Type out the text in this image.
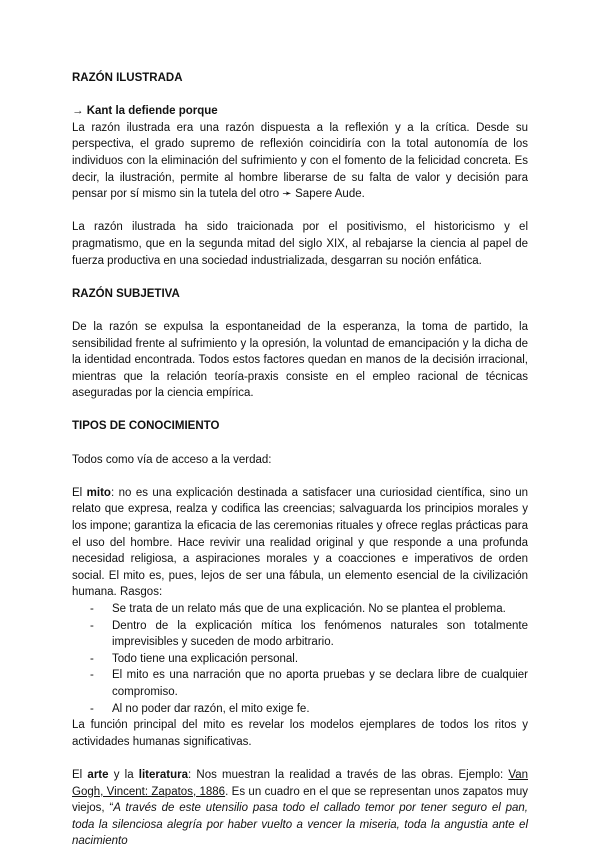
RAZÓN ILUSTRADA
→ Kant la defiende porque

La razón ilustrada era una razón dispuesta a la reflexión y a la crítica. Desde su perspectiva, el grado supremo de reflexión coincidiría con la total autonomía de los individuos con la eliminación del sufrimiento y con el fomento de la felicidad concreta. Es decir, la ilustración, permite al hombre liberarse de su falta de valor y decisión para pensar por sí mismo sin la tutela del otro ➛ Sapere Aude.

La razón ilustrada ha sido traicionada por el positivismo, el historicismo y el pragmatismo, que en la segunda mitad del siglo XIX, al rebajarse la ciencia al papel de fuerza productiva en una sociedad industrializada, desgarran su noción enfática.

RAZÓN SUBJETIVA

De la razón se expulsa la espontaneidad de la esperanza, la toma de partido, la sensibilidad frente al sufrimiento y la opresión, la voluntad de emancipación y la dicha de la identidad encontrada. Todos estos factores quedan en manos de la decisión irracional, mientras que la relación teoría-praxis consiste en el empleo racional de técnicas aseguradas por la ciencia empírica.

TIPOS DE CONOCIMIENTO

Todos como vía de acceso a la verdad:

El mito: no es una explicación destinada a satisfacer una curiosidad científica, sino un relato que expresa, realza y codifica las creencias; salvaguarda los principios morales y los impone; garantiza la eficacia de las ceremonias rituales y ofrece reglas prácticas para el uso del hombre. Hace revivir una realidad original y que responde a una profunda necesidad religiosa, a aspiraciones morales y a coacciones e imperativos de orden social. El mito es, pues, lejos de ser una fábula, un elemento esencial de la civilización humana. Rasgos:

- Se trata de un relato más que de una explicación. No se plantea el problema.
- Dentro de la explicación mítica los fenómenos naturales son totalmente imprevisibles y suceden de modo arbitrario.
- Todo tiene una explicación personal.
- El mito es una narración que no aporta pruebas y se declara libre de cualquier compromiso.
- Al no poder dar razón, el mito exige fe.

La función principal del mito es revelar los modelos ejemplares de todos los ritos y actividades humanas significativas.

El arte y la literatura: Nos muestran la realidad a través de las obras. Ejemplo: Van Gogh, Vincent: Zapatos, 1886. Es un cuadro en el que se representan unos zapatos muy viejos, “A través de este utensilio pasa todo el callado temor por tener seguro el pan, toda la silenciosa alegría por haber vuelto a vencer la miseria, toda la angustia ante el nacimiento
